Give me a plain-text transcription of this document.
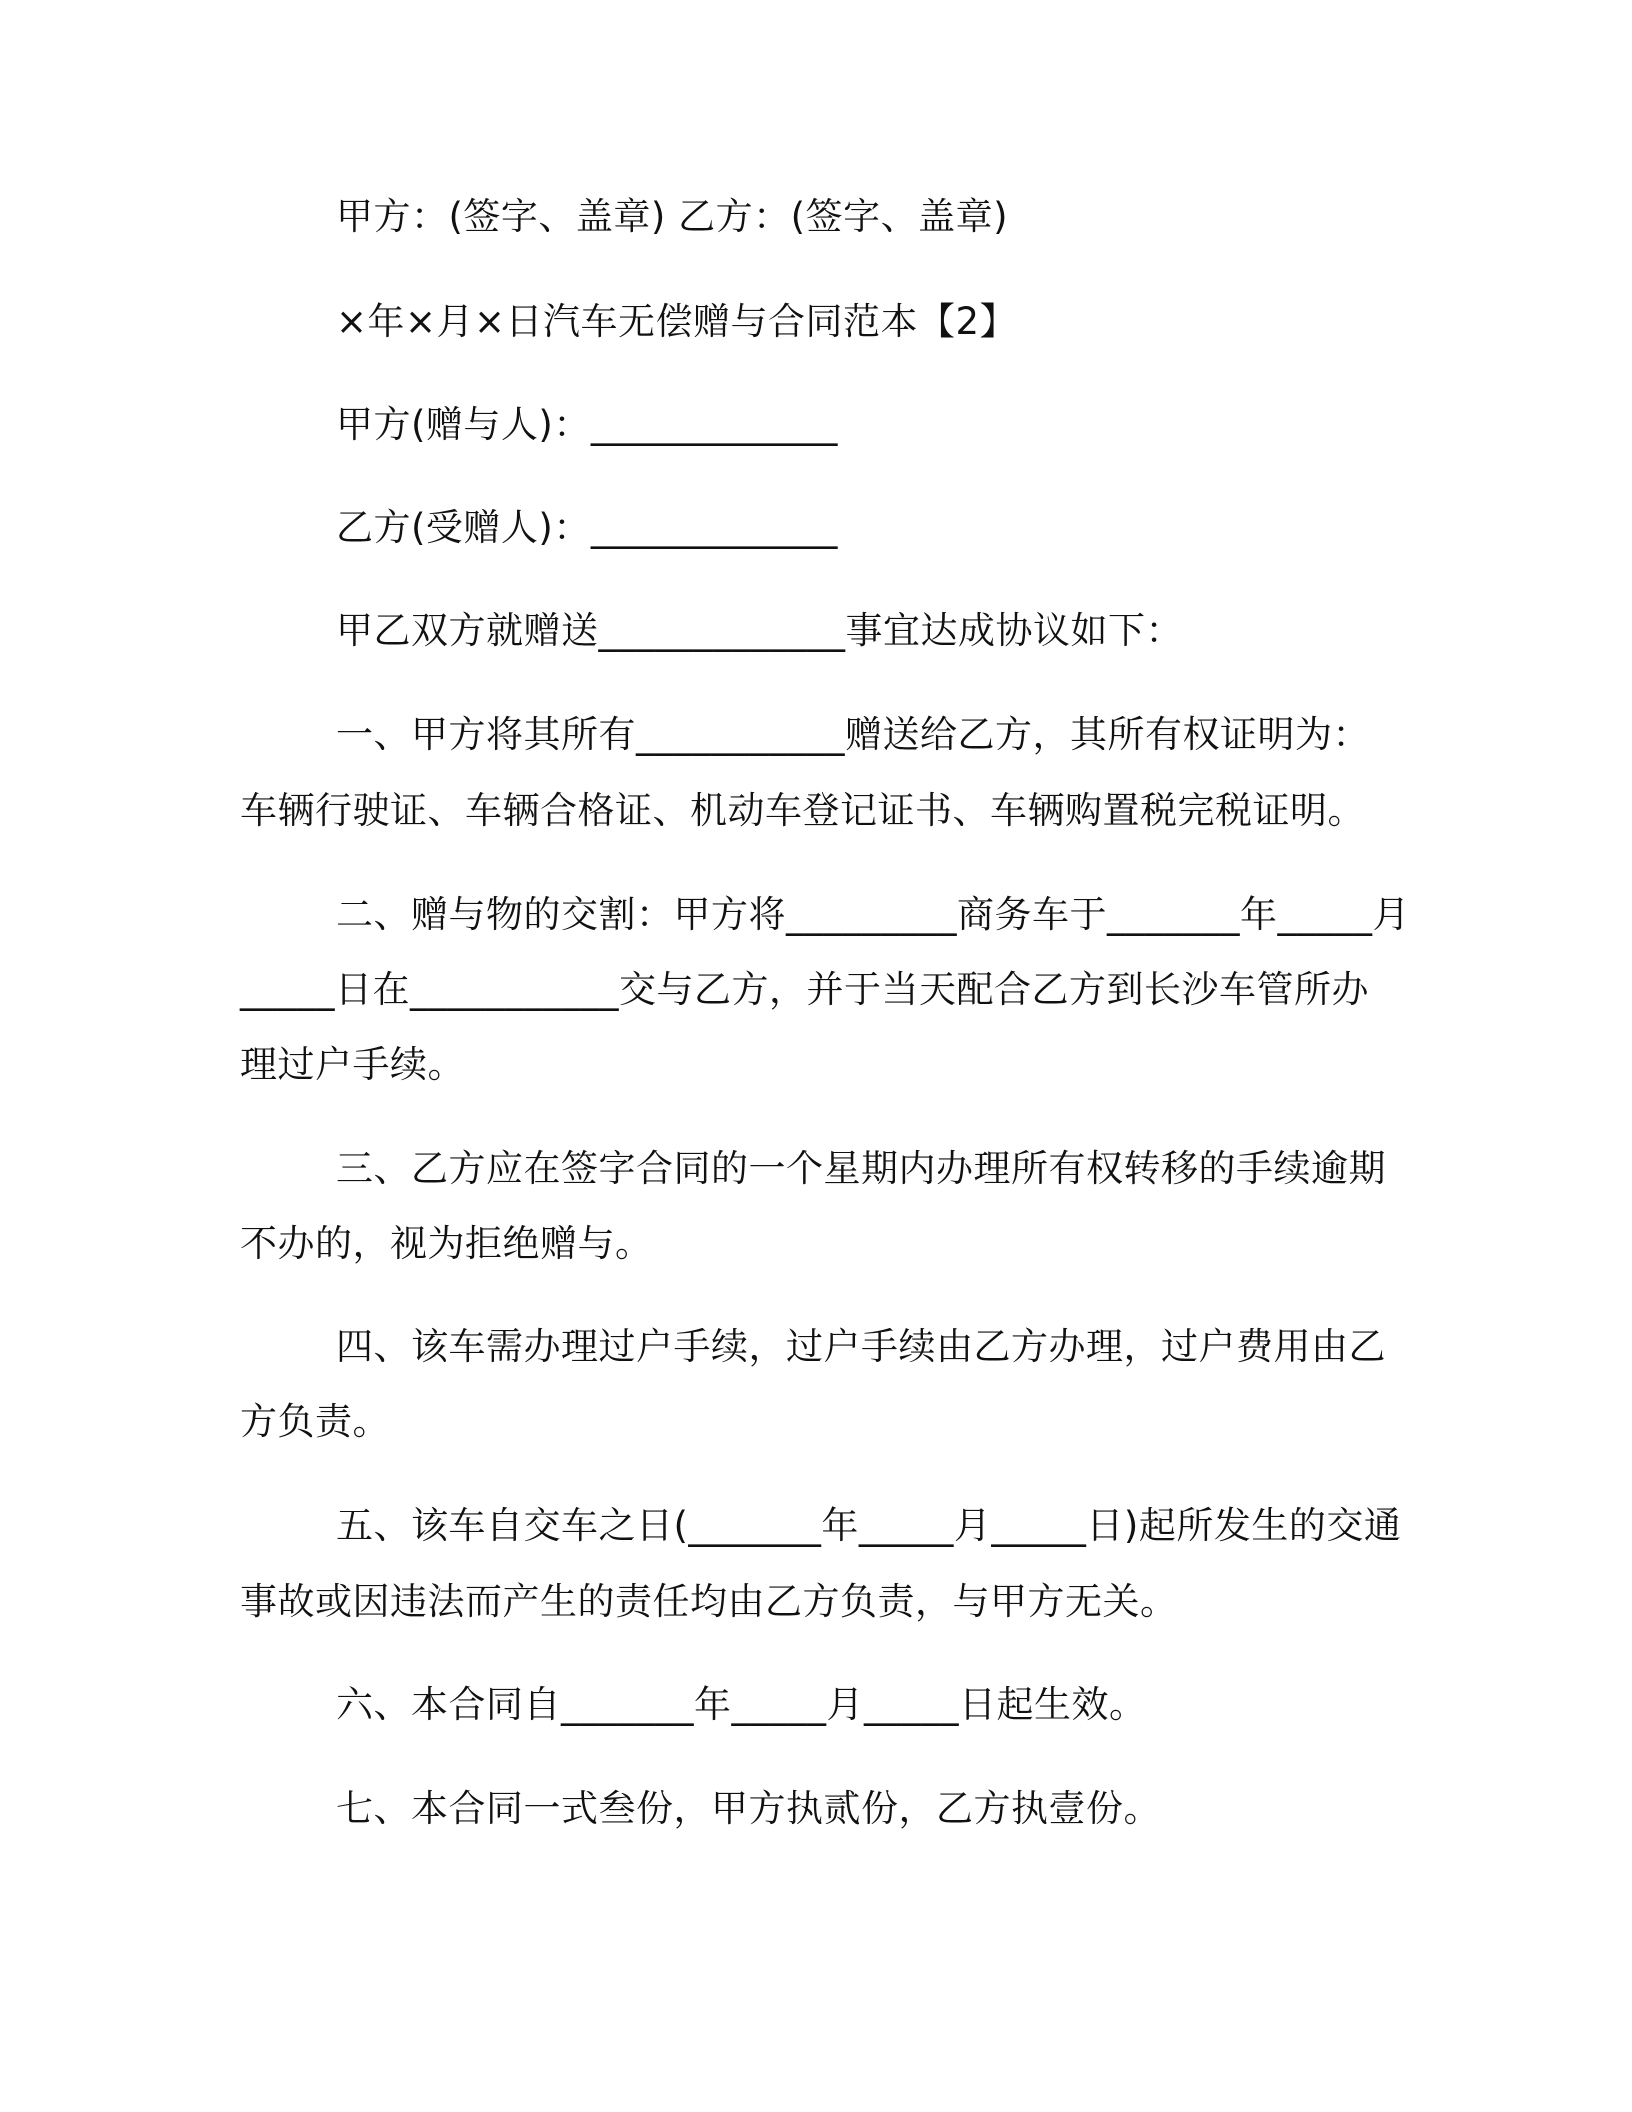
甲方：(签字、盖章) 乙方：(签字、盖章)
×年×月×日汽车无偿赠与合同范本【2】
甲方(赠与人)：_____________
乙方(受赠人)：_____________
甲乙双方就赠送_____________事宜达成协议如下：
一、甲方将其所有___________赠送给乙方，其所有权证明为：
车辆行驶证、车辆合格证、机动车登记证书、车辆购置税完税证明。
二、赠与物的交割：甲方将_________商务车于_______年_____月
_____日在___________交与乙方，并于当天配合乙方到长沙车管所办
理过户手续。
三、乙方应在签字合同的一个星期内办理所有权转移的手续逾期
不办的，视为拒绝赠与。
四、该车需办理过户手续，过户手续由乙方办理，过户费用由乙
方负责。
五、该车自交车之日(_______年_____月_____日)起所发生的交通
事故或因违法而产生的责任均由乙方负责，与甲方无关。
六、本合同自_______年_____月_____日起生效。
七、本合同一式叁份，甲方执贰份，乙方执壹份。
